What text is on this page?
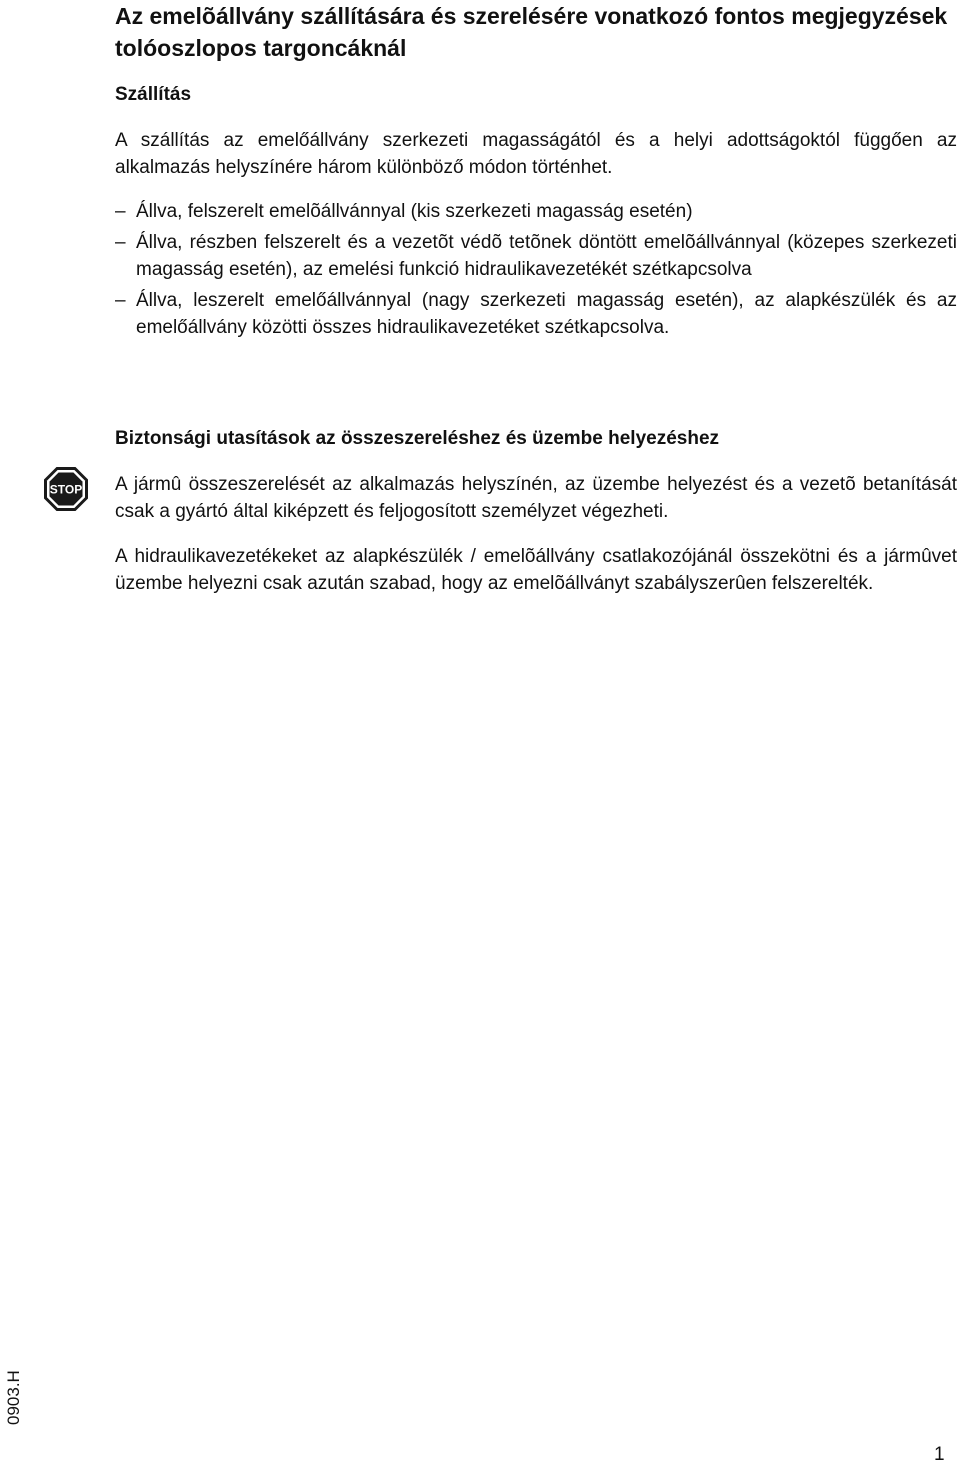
Az emelõállvány szállítására és szerelésére vonatkozó fontos megjegyzések tolóoszlopos targoncáknál
Szállítás

A szállítás az emelőállvány szerkezeti magasságától és a helyi adottságoktól függően az alkalmazás helyszínére három különböző módon történhet.

– Állva, felszerelt emelõállvánnyal (kis szerkezeti magasság esetén)
– Állva, részben felszerelt és a vezetõt védõ tetõnek döntött emelõállvánnyal (közepes szerkezeti magasság esetén), az emelési funkció hidraulikavezetékét szétkapcsolva
– Állva, leszerelt emelőállvánnyal (nagy szerkezeti magasság esetén), az alapkészülék és az emelőállvány közötti összes hidraulikavezetéket szétkapcsolva.
Biztonsági utasítások az összeszereléshez és üzembe helyezéshez
STOP A jármû összeszerelését az alkalmazás helyszínén, az üzembe helyezést és a vezetõ betanítását csak a gyártó által kiképzett és feljogosított személyzet végezheti.

A hidraulikavezetékeket az alapkészülék / emelõállvány csatlakozójánál összekötni és a jármûvet üzembe helyezni csak azután szabad, hogy az emelõállványt szabályszerûen felszerelték.

0903.H

1
